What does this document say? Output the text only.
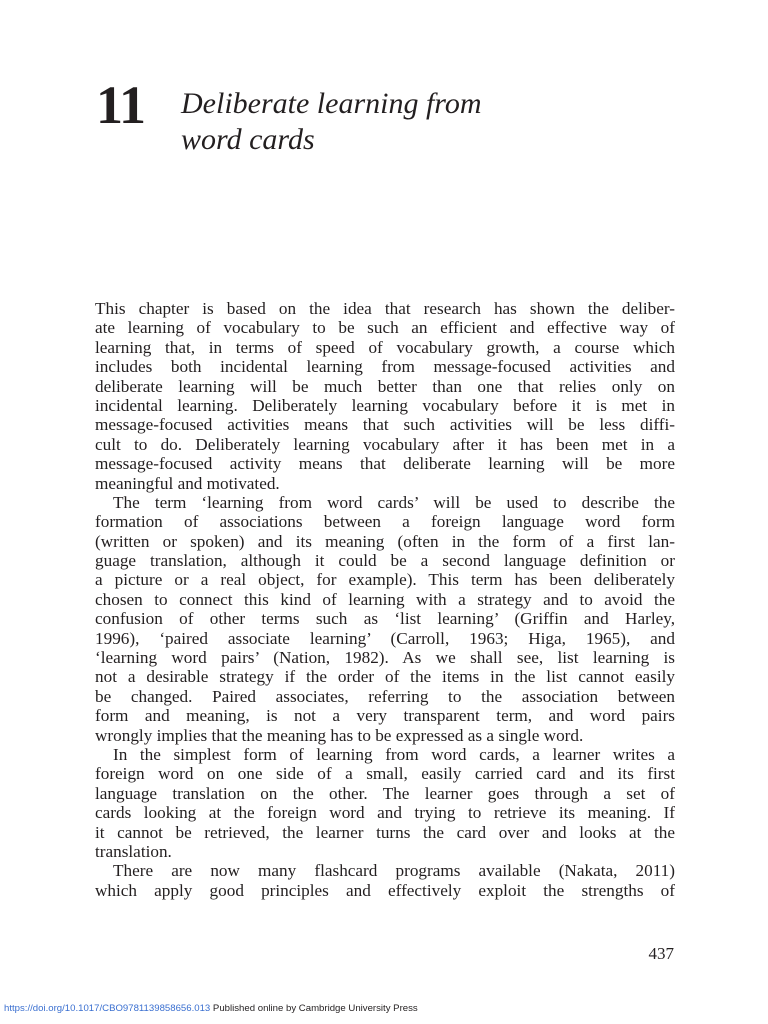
11 Deliberate learning from
word cards
This chapter is based on the idea that research has shown the deliber-
ate learning of vocabulary to be such an efficient and effective way of
learning that, in terms of speed of vocabulary growth, a course which
includes both incidental learning from message-focused activities and
deliberate learning will be much better than one that relies only on
incidental learning. Deliberately learning vocabulary before it is met in
message-focused activities means that such activities will be less diffi-
cult to do. Deliberately learning vocabulary after it has been met in a
message-focused activity means that deliberate learning will be more
meaningful and motivated.
The term ‘learning from word cards’ will be used to describe the
formation of associations between a foreign language word form
(written or spoken) and its meaning (often in the form of a first lan-
guage translation, although it could be a second language definition or
a picture or a real object, for example). This term has been deliberately
chosen to connect this kind of learning with a strategy and to avoid the
confusion of other terms such as ‘list learning’ (Griffin and Harley,
1996), ‘paired associate learning’ (Carroll, 1963; Higa, 1965), and
‘learning word pairs’ (Nation, 1982). As we shall see, list learning is
not a desirable strategy if the order of the items in the list cannot easily
be changed. Paired associates, referring to the association between
form and meaning, is not a very transparent term, and word pairs
wrongly implies that the meaning has to be expressed as a single word.
In the simplest form of learning from word cards, a learner writes a
foreign word on one side of a small, easily carried card and its first
language translation on the other. The learner goes through a set of
cards looking at the foreign word and trying to retrieve its meaning. If
it cannot be retrieved, the learner turns the card over and looks at the
translation.
There are now many flashcard programs available (Nakata, 2011)
which apply good principles and effectively exploit the strengths of
437
https://doi.org/10.1017/CBO9781139858656.013 Published online by Cambridge University Press
